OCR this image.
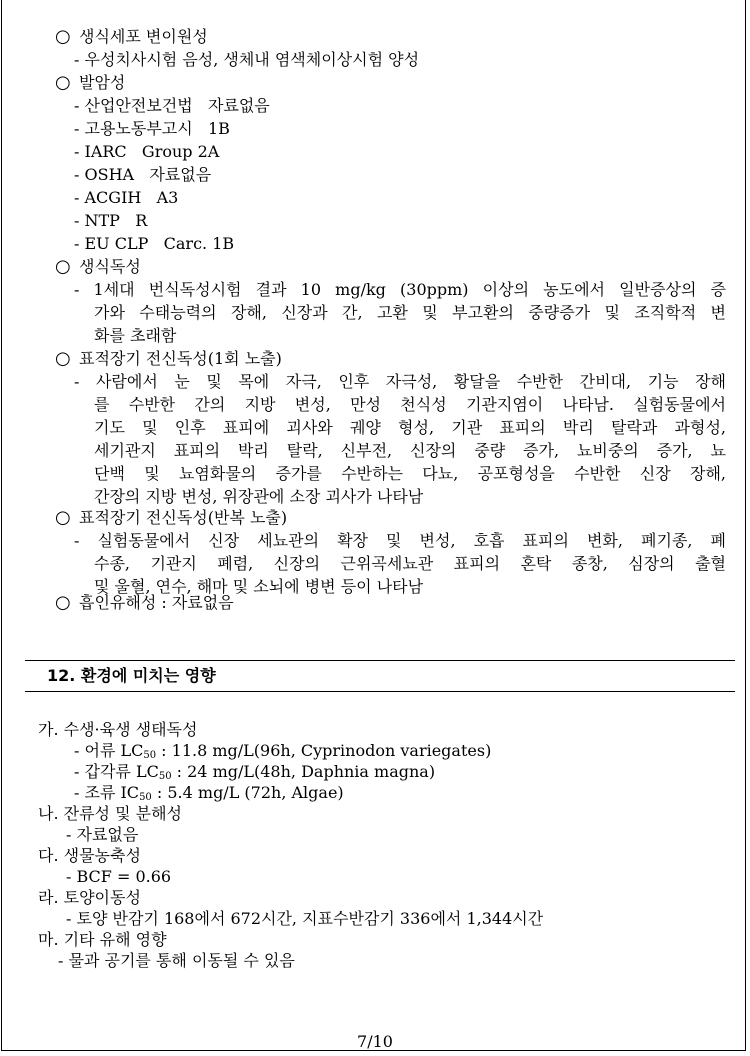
○ 생식세포 변이원성
- 우성치사시험 음성, 생체내 염색체이상시험 양성
○ 발암성
- 산업안전보건법   자료없음
- 고용노동부고시   1B
- IARC   Group 2A
- OSHA   자료없음
- ACGIH   A3
- NTP   R
- EU CLP   Carc. 1B
○ 생식독성
- 1세대 번식독성시험 결과 10 mg/kg (30ppm) 이상의 농도에서 일반증상의 증
가와 수태능력의 장해, 신장과 간, 고환 및 부고환의 중량증가 및 조직학적 변
화를 초래함
○ 표적장기 전신독성(1회 노출)
- 사람에서 눈 및 목에 자극, 인후 자극성, 황달을 수반한 간비대, 기능 장해
를 수반한 간의 지방 변성, 만성 천식성 기관지염이 나타남. 실험동물에서
기도 및 인후 표피에 괴사와 궤양 형성, 기관 표피의 박리 탈락과 과형성,
세기관지 표피의 박리 탈락, 신부전, 신장의 중량 증가, 뇨비중의 증가, 뇨
단백 및 뇨염화물의 증가를 수반하는 다뇨, 공포형성을 수반한 신장 장해,
간장의 지방 변성, 위장관에 소장 괴사가 나타남
○ 표적장기 전신독성(반복 노출)
- 실험동물에서 신장 세뇨관의 확장 및 변성, 호흡 표피의 변화, 폐기종, 폐
수종, 기관지 폐렴, 신장의 근위곡세뇨관 표피의 혼탁 종창, 심장의 출혈
및 울혈, 연수, 해마 및 소뇌에 병변 등이 나타남
○ 흡인유해성 : 자료없음
12. 환경에 미치는 영향
가. 수생·육생 생태독성
- 어류 $LC_{50}$ : 11.8 mg/L(96h, Cyprinodon variegates)
- 갑각류 $LC_{50}$ : 24 mg/L(48h, Daphnia magna)
- 조류 $IC_{50}$ : 5.4 mg/L (72h, Algae)
나. 잔류성 및 분해성
- 자료없음
다. 생물농축성
- BCF = 0.66
라. 토양이동성
- 토양 반감기 168에서 672시간, 지표수반감기 336에서 1,344시간
마. 기타 유해 영향
- 물과 공기를 통해 이동될 수 있음
7/10
